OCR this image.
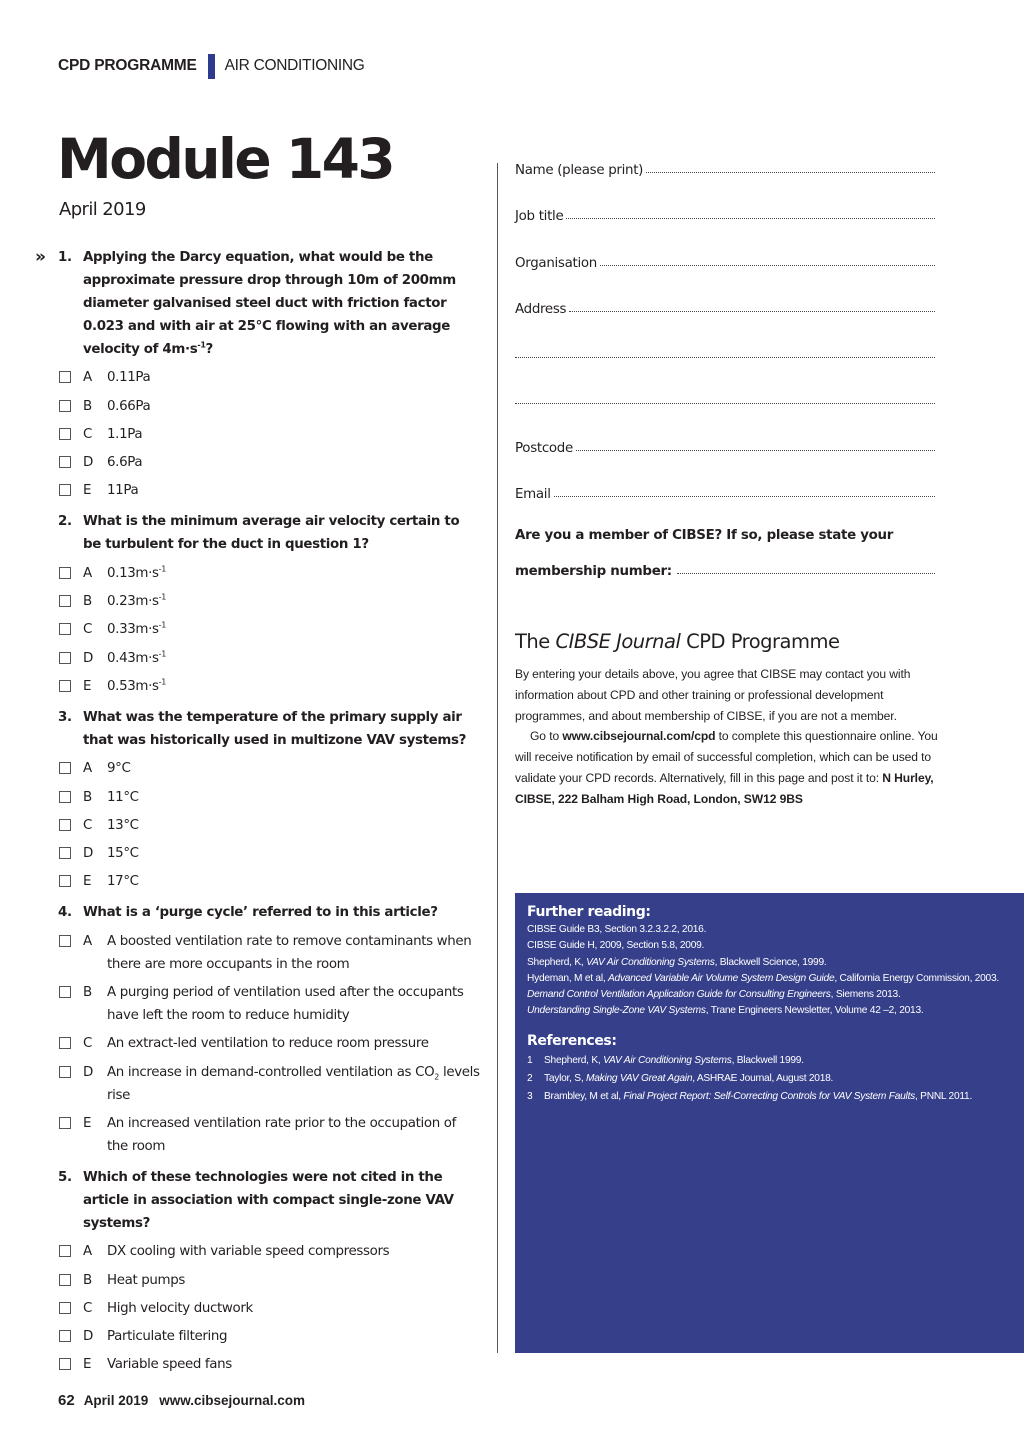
CPD PROGRAMME AIR CONDITIONING
Module 143
April 2019
» 1. Applying the Darcy equation, what would be the approximate pressure drop through 10m of 200mm diameter galvanised steel duct with friction factor 0.023 and with air at 25°C flowing with an average velocity of $4m\cdot s^{-1}$?
A 0.11Pa
B 0.66Pa
C 1.1Pa
D 6.6Pa
E 11Pa
2. What is the minimum average air velocity certain to be turbulent for the duct in question 1?
A $0.13m\cdot s^{-1}$
B $0.23m\cdot s^{-1}$
C $0.33m\cdot s^{-1}$
D $0.43m\cdot s^{-1}$
E $0.53m\cdot s^{-1}$
3. What was the temperature of the primary supply air that was historically used in multizone VAV systems?
A 9°C
B 11°C
C 13°C
D 15°C
E 17°C
4. What is a ‘purge cycle’ referred to in this article?
A A boosted ventilation rate to remove contaminants when there are more occupants in the room
B A purging period of ventilation used after the occupants have left the room to reduce humidity
C An extract-led ventilation to reduce room pressure
D An increase in demand-controlled ventilation as $CO_2$ levels rise
E An increased ventilation rate prior to the occupation of the room
5. Which of these technologies were not cited in the article in association with compact single-zone VAV systems?
A DX cooling with variable speed compressors
B Heat pumps
C High velocity ductwork
D Particulate filtering
E Variable speed fans
Name (please print)
Job title
Organisation
Address
Postcode
Email
Are you a member of CIBSE? If so, please state your
membership number:
The CIBSE Journal CPD Programme

By entering your details above, you agree that CIBSE may contact you with information about CPD and other training or professional development programmes, and about membership of CIBSE, if you are not a member.

Go to www.cibsejournal.com/cpd to complete this questionnaire online. You will receive notification by email of successful completion, which can be used to validate your CPD records. Alternatively, fill in this page and post it to: N Hurley, CIBSE, 222 Balham High Road, London, SW12 9BS

Further reading:
CIBSE Guide B3, Section 3.2.3.2.2, 2016.
CIBSE Guide H, 2009, Section 5.8, 2009.
Shepherd, K, VAV Air Conditioning Systems, Blackwell Science, 1999.
Hydeman, M et al, Advanced Variable Air Volume System Design Guide, California Energy Commission, 2003.
Demand Control Ventilation Application Guide for Consulting Engineers, Siemens 2013.
Understanding Single-Zone VAV Systems, Trane Engineers Newsletter, Volume 42 –2, 2013.
References:
1 Shepherd, K, VAV Air Conditioning Systems, Blackwell 1999.
2 Taylor, S, Making VAV Great Again, ASHRAE Journal, August 2018.
3 Brambley, M et al, Final Project Report: Self-Correcting Controls for VAV System Faults, PNNL 2011.
62 April 2019 www.cibsejournal.com
